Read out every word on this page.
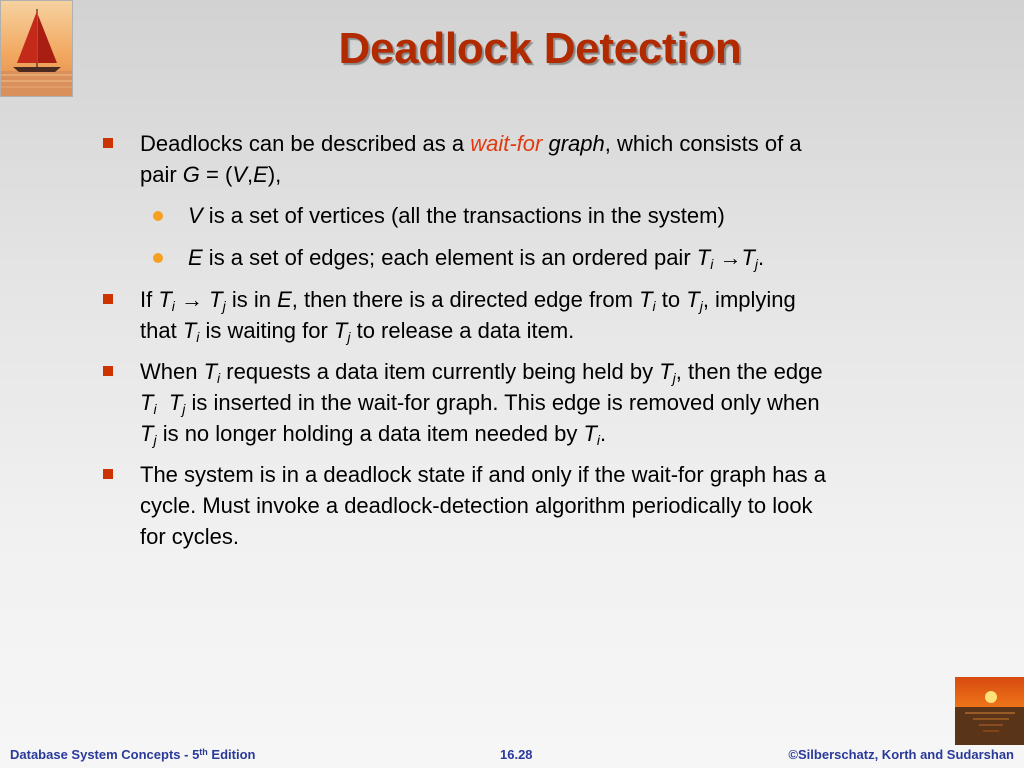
Deadlock Detection
Deadlocks can be described as a wait-for graph, which consists of a
pair G = (V,E),
V is a set of vertices (all the transactions in the system)
E is a set of edges; each element is an ordered pair $T_i \to T_j$.
If $T_i \to T_j$ is in E, then there is a directed edge from $T_i$ to $T_j$, implying
that $T_i$ is waiting for $T_j$ to release a data item.
When $T_i$ requests a data item currently being held by $T_j$, then the edge
$T_i$ $T_j$ is inserted in the wait-for graph. This edge is removed only when
$T_j$ is no longer holding a data item needed by $T_i$.
The system is in a deadlock state if and only if the wait-for graph has a
cycle. Must invoke a deadlock-detection algorithm periodically to look
for cycles.
Database System Concepts - 5th Edition	16.28	©Silberschatz, Korth and Sudarshan
